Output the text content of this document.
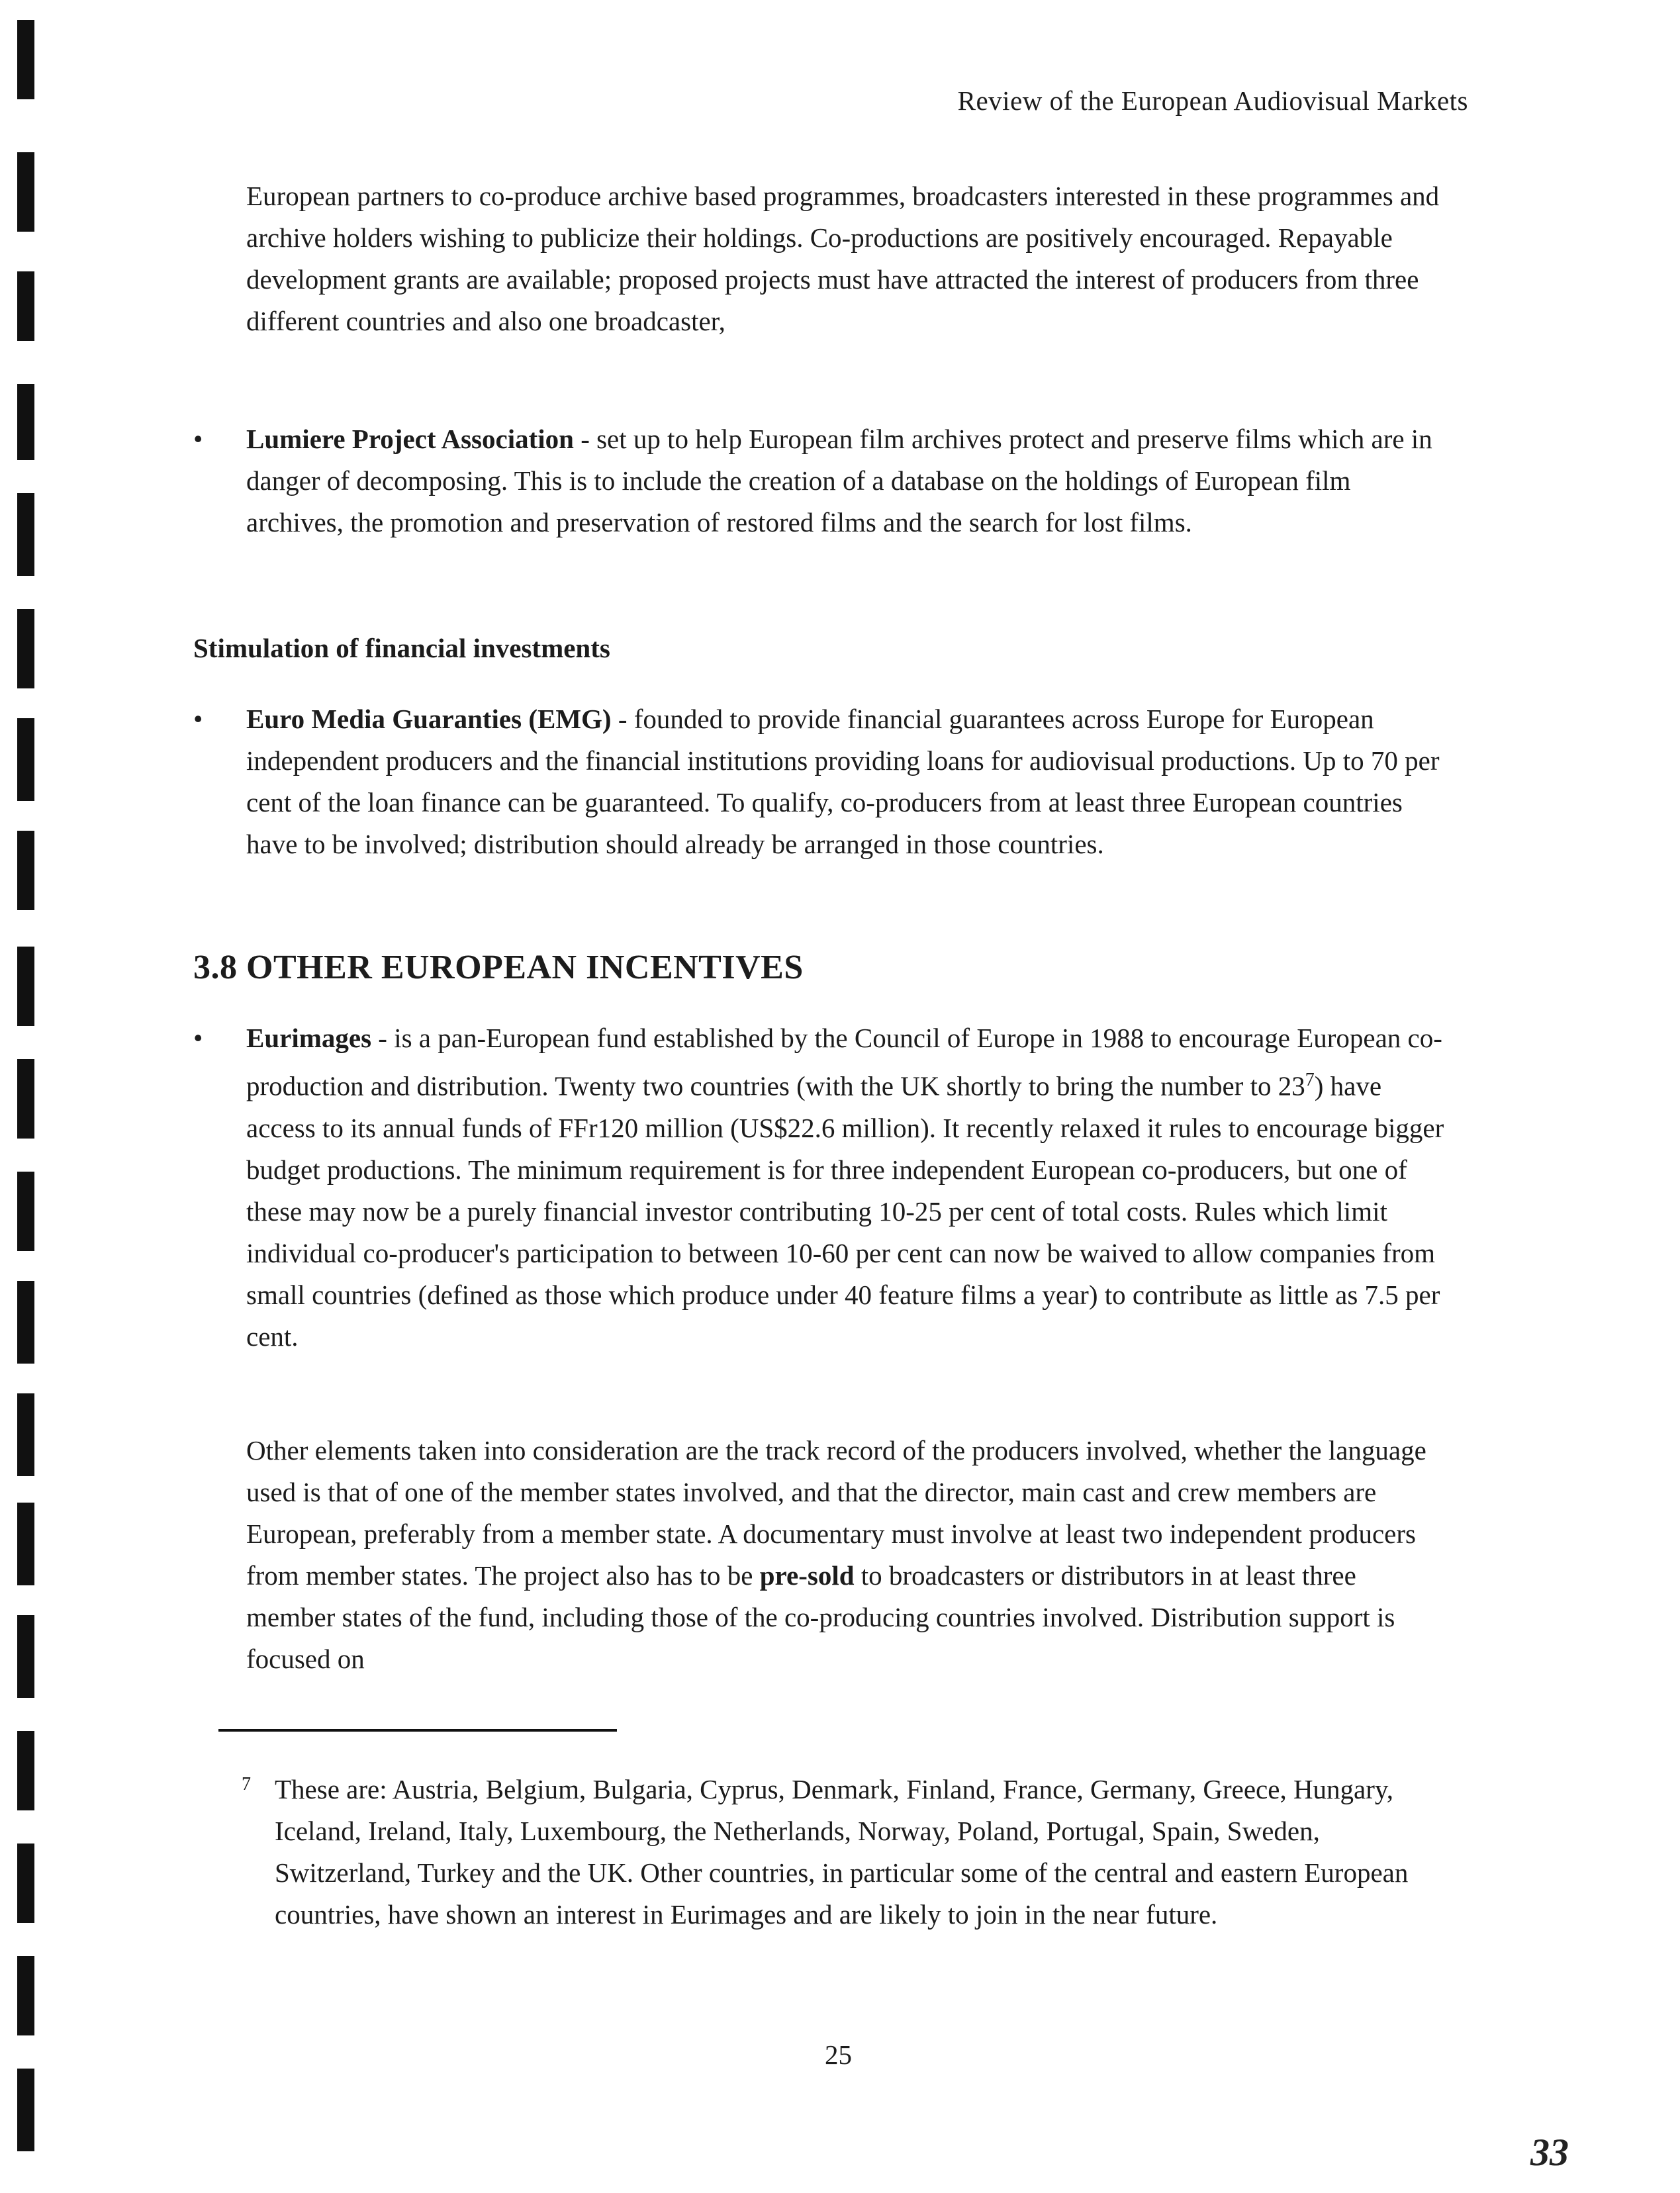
Review of the European Audiovisual Markets
European partners to co-produce archive based programmes, broadcasters interested in these programmes and archive holders wishing to publicize their holdings. Co-productions are positively encouraged. Repayable development grants are available; proposed projects must have attracted the interest of producers from three different countries and also one broadcaster,
• Lumiere Project Association - set up to help European film archives protect and preserve films which are in danger of decomposing. This is to include the creation of a database on the holdings of European film archives, the promotion and preservation of restored films and the search for lost films.
Stimulation of financial investments
• Euro Media Guaranties (EMG) - founded to provide financial guarantees across Europe for European independent producers and the financial institutions providing loans for audiovisual productions. Up to 70 per cent of the loan finance can be guaranteed. To qualify, co-producers from at least three European countries have to be involved; distribution should already be arranged in those countries.
3.8 OTHER EUROPEAN INCENTIVES
• Eurimages - is a pan-European fund established by the Council of Europe in 1988 to encourage European co-production and distribution. Twenty two countries (with the UK shortly to bring the number to $23^7$) have access to its annual funds of FFr120 million (US$22.6 million). It recently relaxed it rules to encourage bigger budget productions. The minimum requirement is for three independent European co-producers, but one of these may now be a purely financial investor contributing 10-25 per cent of total costs. Rules which limit individual co-producer's participation to between 10-60 per cent can now be waived to allow companies from small countries (defined as those which produce under 40 feature films a year) to contribute as little as 7.5 per cent.
Other elements taken into consideration are the track record of the producers involved, whether the language used is that of one of the member states involved, and that the director, main cast and crew members are European, preferably from a member state. A documentary must involve at least two independent producers from member states. The project also has to be pre-sold to broadcasters or distributors in at least three member states of the fund, including those of the co-producing countries involved. Distribution support is focused on
7 These are: Austria, Belgium, Bulgaria, Cyprus, Denmark, Finland, France, Germany, Greece, Hungary, Iceland, Ireland, Italy, Luxembourg, the Netherlands, Norway, Poland, Portugal, Spain, Sweden, Switzerland, Turkey and the UK. Other countries, in particular some of the central and eastern European countries, have shown an interest in Eurimages and are likely to join in the near future.
25
33
